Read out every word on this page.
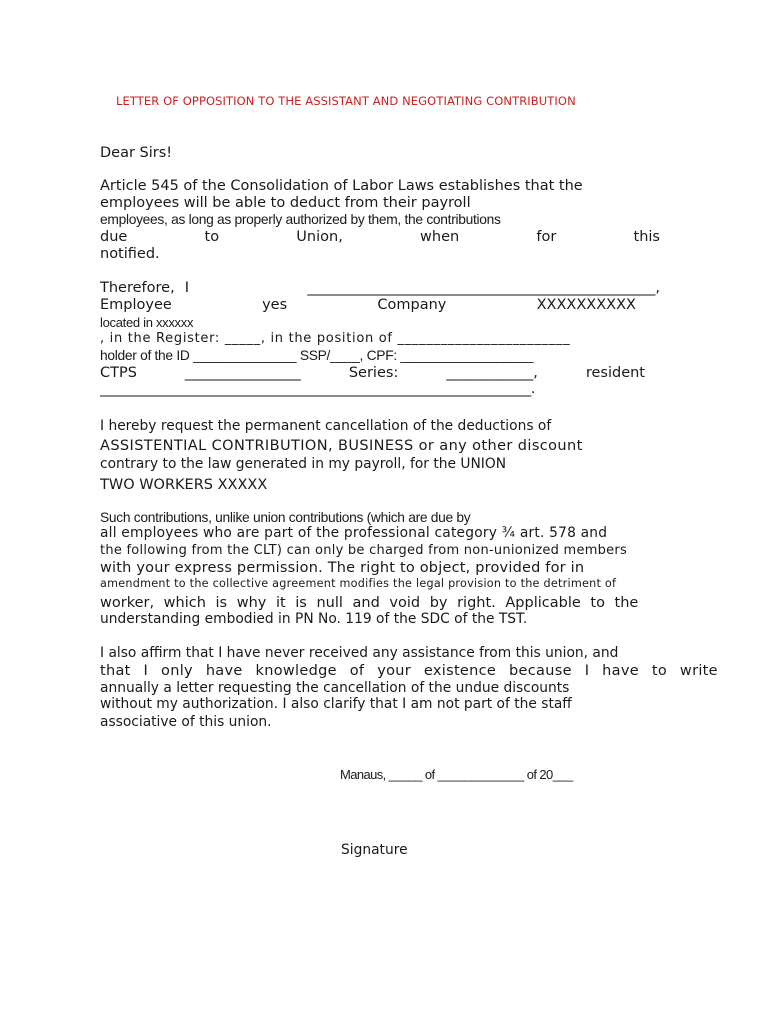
LETTER OF OPPOSITION TO THE ASSISTANT AND NEGOTIATING CONTRIBUTION
Dear Sirs!
Article 545 of the Consolidation of Labor Laws establishes that the
employees will be able to deduct from their payroll
employees, as long as properly authorized by them, the contributions
due	to	Union,	when	for	this
notified.
Therefore, I	________________________________________________,
Employee	yes	Company	XXXXXXXXXX
located in xxxxxx
, in the Register: _____, in the position of ________________________
holder of the ID ______________ SSP/____, CPF: __________________
CTPS	________________	Series:	____________,	resident
______________________________________________________________.
I hereby request the permanent cancellation of the deductions of
ASSISTENTIAL CONTRIBUTION, BUSINESS or any other discount
contrary to the law generated in my payroll, for the UNION
TWO WORKERS XXXXX
Such contributions, unlike union contributions (which are due by
all employees who are part of the professional category ¾ art. 578 and
the following from the CLT) can only be charged from non-unionized members
with your express permission. The right to object, provided for in
amendment to the collective agreement modifies the legal provision to the detriment of
worker, which is why it is null and void by right. Applicable to the
understanding embodied in PN No. 119 of the SDC of the TST.
I also affirm that I have never received any assistance from this union, and
that I only have knowledge of your existence because I have to write
annually a letter requesting the cancellation of the undue discounts
without my authorization. I also clarify that I am not part of the staff
associative of this union.
Manaus, _____ of _____________ of 20___
Signature
